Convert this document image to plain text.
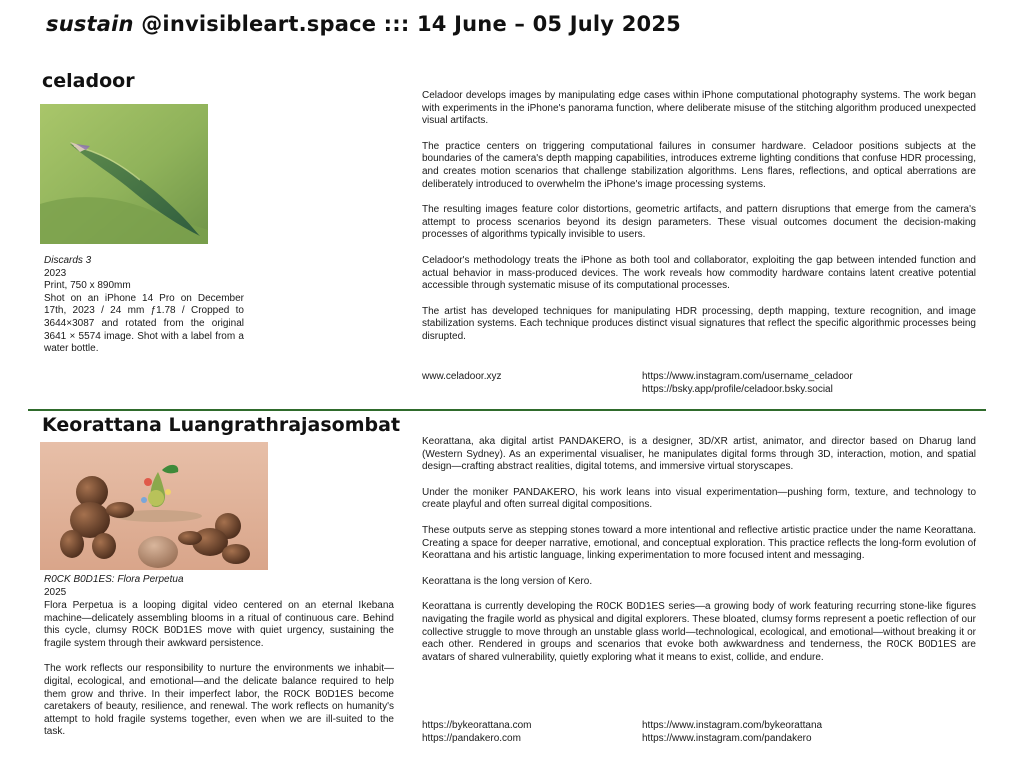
sustain @invisibleart.space ::: 14 June – 05 July 2025
celadoor
Discards 3
2023
Print, 750 x 890mm
Shot on an iPhone 14 Pro on December 17th, 2023 / 24 mm ƒ1.78 / Cropped to 3644×3087 and rotated from the original 3641 × 5574 image. Shot with a label from a water bottle.

Celadoor develops images by manipulating edge cases within iPhone computational photography systems. The work began with experiments in the iPhone's panorama function, where deliberate misuse of the stitching algorithm produced unexpected visual artifacts.

The practice centers on triggering computational failures in consumer hardware. Celadoor positions subjects at the boundaries of the camera's depth mapping capabilities, introduces extreme lighting conditions that confuse HDR processing, and creates motion scenarios that challenge stabilization algorithms. Lens flares, reflections, and optical aberrations are deliberately introduced to overwhelm the iPhone's image processing systems.

The resulting images feature color distortions, geometric artifacts, and pattern disruptions that emerge from the camera's attempt to process scenarios beyond its design parameters. These visual outcomes document the decision-making processes of algorithms typically invisible to users.

Celadoor's methodology treats the iPhone as both tool and collaborator, exploiting the gap between intended function and actual behavior in mass-produced devices. The work reveals how commodity hardware contains latent creative potential accessible through systematic misuse of its computational processes.

The artist has developed techniques for manipulating HDR processing, depth mapping, texture recognition, and image stabilization systems. Each technique produces distinct visual signatures that reflect the specific algorithmic processes being disrupted.

www.celadoor.xyz	https://www.instagram.com/username_celadoor
https://bsky.app/profile/celadoor.bsky.social
Keorattana Luangrathrajasombat
R0CK B0D1ES: Flora Perpetua
2025

Flora Perpetua is a looping digital video centered on an eternal Ikebana machine—delicately assembling blooms in a ritual of continuous care. Behind this cycle, clumsy R0CK B0D1ES move with quiet urgency, sustaining the fragile system through their awkward persistence.

The work reflects our responsibility to nurture the environments we inhabit—digital, ecological, and emotional—and the delicate balance required to help them grow and thrive. In their imperfect labor, the R0CK B0D1ES become caretakers of beauty, resilience, and renewal. The work reflects on humanity's attempt to hold fragile systems together, even when we are ill-suited to the task.

Keorattana, aka digital artist PANDAKERO, is a designer, 3D/XR artist, animator, and director based on Dharug land (Western Sydney). As an experimental visualiser, he manipulates digital forms through 3D, interaction, motion, and spatial design—crafting abstract realities, digital totems, and immersive virtual storyscapes.

Under the moniker PANDAKERO, his work leans into visual experimentation—pushing form, texture, and technology to create playful and often surreal digital compositions.

These outputs serve as stepping stones toward a more intentional and reflective artistic practice under the name Keorattana. Creating a space for deeper narrative, emotional, and conceptual exploration. This practice reflects the long-form evolution of Keorattana and his artistic language, linking experimentation to more focused intent and messaging.

Keorattana is the long version of Kero.

Keorattana is currently developing the R0CK B0D1ES series—a growing body of work featuring recurring stone-like figures navigating the fragile world as physical and digital explorers. These bloated, clumsy forms represent a poetic reflection of our collective struggle to move through an unstable glass world—technological, ecological, and emotional—without breaking it or each other. Rendered in groups and scenarios that evoke both awkwardness and tenderness, the R0CK B0D1ES are avatars of shared vulnerability, quietly exploring what it means to exist, collide, and endure.

https://bykeorattana.com
https://pandakero.com
https://www.instagram.com/bykeorattana
https://www.instagram.com/pandakero
